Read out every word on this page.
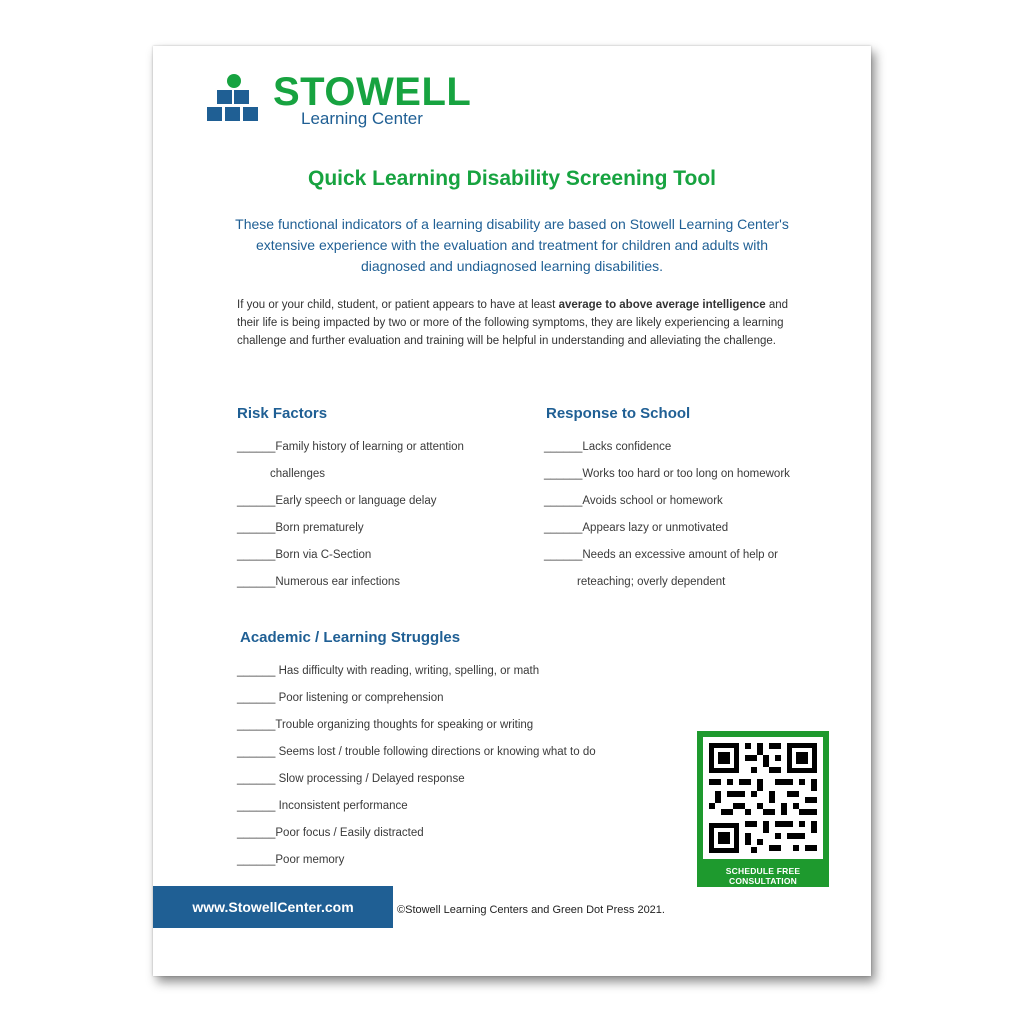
STOWELL
Learning Center
Quick Learning Disability Screening Tool
These functional indicators of a learning disability are based on Stowell Learning Center's extensive experience with the evaluation and treatment for children and adults with diagnosed and undiagnosed learning disabilities.
If you or your child, student, or patient appears to have at least average to above average intelligence and their life is being impacted by two or more of the following symptoms, they are likely experiencing a learning challenge and further evaluation and training will be helpful in understanding and alleviating the challenge.
Risk Factors
______Family history of learning or attention
challenges
______Early speech or language delay
______Born prematurely
______Born via C-Section
______Numerous ear infections
Response to School
______Lacks confidence
______Works too hard or too long on homework
______Avoids school or homework
______Appears lazy or unmotivated
______Needs an excessive amount of help or
reteaching; overly dependent
Academic / Learning Struggles
______ Has difficulty with reading, writing, spelling, or math
______ Poor listening or comprehension
______Trouble organizing thoughts for speaking or writing
______ Seems lost / trouble following directions or knowing what to do
______ Slow processing / Delayed response
______ Inconsistent performance
______Poor focus / Easily distracted
______Poor memory
SCHEDULE FREE CONSULTATION
www.StowellCenter.com	©Stowell Learning Centers and Green Dot Press 2021.
